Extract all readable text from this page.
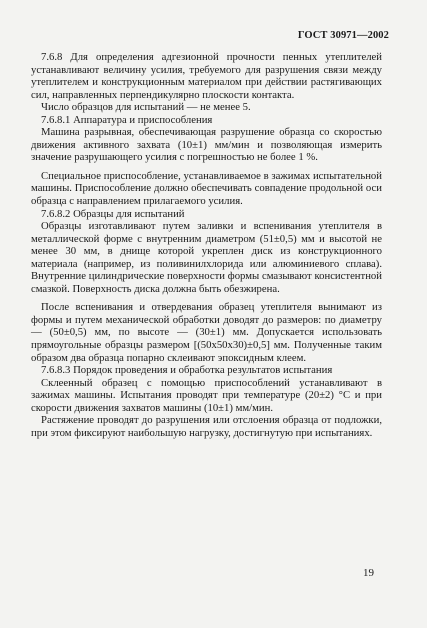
ГОСТ 30971—2002

7.6.8 Для определения адгезионной прочности пенных утеплителей устанавливают величину усилия, требуемого для разрушения связи между утеплителем и конструкционным материалом при действии растягивающих сил, направленных перпендикулярно плоскости контакта.

Число образцов для испытаний — не менее 5.

7.6.8.1 Аппаратура и приспособления

Машина разрывная, обеспечивающая разрушение образца со скоростью движения активного захвата (10±1) мм/мин и позволяющая измерить значение разрушающего усилия с погрешностью не более 1 %.

Специальное приспособление, устанавливаемое в зажимах испытательной машины. Приспособление должно обеспечивать совпадение продольной оси образца с направлением прилагаемого усилия.

7.6.8.2 Образцы для испытаний

Образцы изготавливают путем заливки и вспенивания утеплителя в металлической форме с внутренним диаметром (51±0,5) мм и высотой не менее 30 мм, в днище которой укреплен диск из конструкционного материала (например, из поливинилхлорида или алюминиевого сплава). Внутренние цилиндрические поверхности формы смазывают консистентной смазкой. Поверхность диска должна быть обезжирена.

После вспенивания и отвердевания образец утеплителя вынимают из формы и путем механической обработки доводят до размеров: по диаметру — (50±0,5) мм, по высоте — (30±1) мм. Допускается использовать прямоугольные образцы размером [(50x50x30)±0,5] мм. Полученные таким образом два образца попарно склеивают эпоксидным клеем.

7.6.8.3 Порядок проведения и обработка результатов испытания

Склеенный образец с помощью приспособлений устанавливают в зажимах машины. Испытания проводят при температуре (20±2) °С и при скорости движения захватов машины (10±1) мм/мин.

Растяжение проводят до разрушения или отслоения образца от подложки, при этом фиксируют наибольшую нагрузку, достигнутую при испытаниях.

19
